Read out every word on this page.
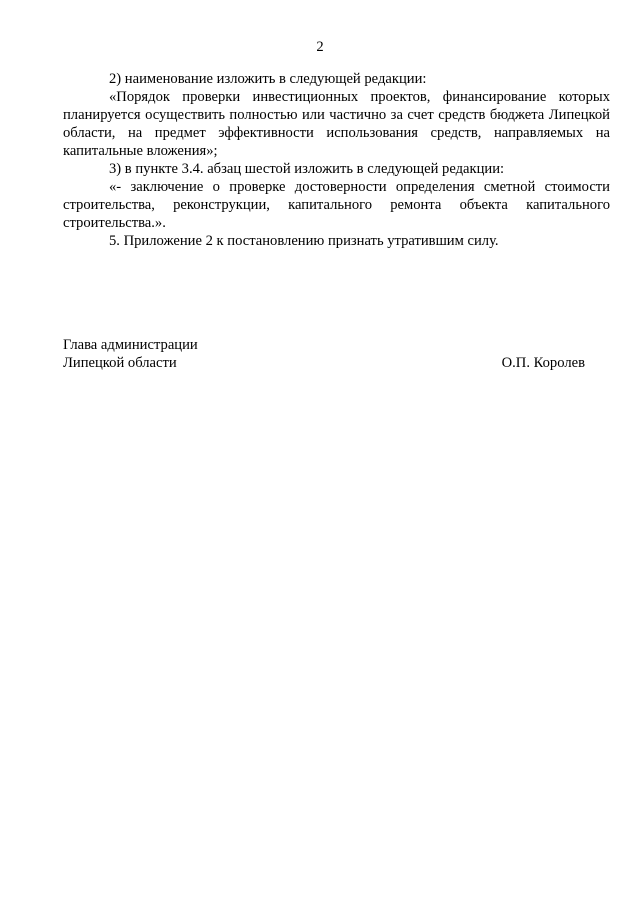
2

2) наименование изложить в следующей редакции:

«Порядок проверки инвестиционных проектов, финансирование которых планируется осуществить полностью или частично за счет средств бюджета Липецкой области, на предмет эффективности использования средств, направляемых на капитальные вложения»;

3) в пункте 3.4. абзац шестой изложить в следующей редакции:

«- заключение о проверке достоверности определения сметной стоимости строительства, реконструкции, капитального ремонта объекта капитального строительства.».

5. Приложение 2 к постановлению признать утратившим силу.

Глава администрации
Липецкой области	О.П. Королев
